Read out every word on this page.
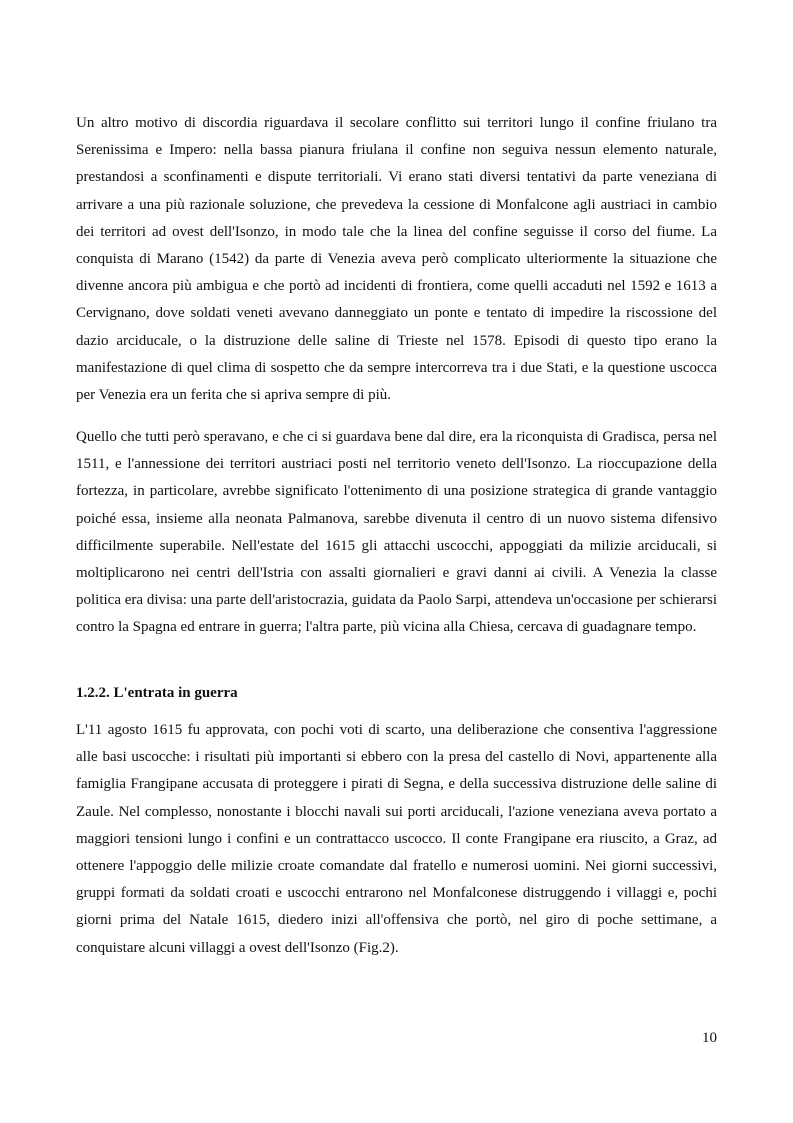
Un altro motivo di discordia riguardava il secolare conflitto sui territori lungo il confine friulano tra Serenissima e Impero: nella bassa pianura friulana il confine non seguiva nessun elemento naturale, prestandosi a sconfinamenti e dispute territoriali. Vi erano stati diversi tentativi da parte veneziana di arrivare a una più razionale soluzione, che prevedeva la cessione di Monfalcone agli austriaci in cambio dei territori ad ovest dell'Isonzo, in modo tale che la linea del confine seguisse il corso del fiume. La conquista di Marano (1542) da parte di Venezia aveva però complicato ulteriormente la situazione che divenne ancora più ambigua e che portò ad incidenti di frontiera, come quelli accaduti nel 1592 e 1613 a Cervignano, dove soldati veneti avevano danneggiato un ponte e tentato di impedire la riscossione del dazio arciducale, o la distruzione delle saline di Trieste nel 1578. Episodi di questo tipo erano la manifestazione di quel clima di sospetto che da sempre intercorreva tra i due Stati, e la questione uscocca per Venezia era un ferita che si apriva sempre di più.

Quello che tutti però speravano, e che ci si guardava bene dal dire, era la riconquista di Gradisca, persa nel 1511, e l'annessione dei territori austriaci posti nel territorio veneto dell'Isonzo. La rioccupazione della fortezza, in particolare, avrebbe significato l'ottenimento di una posizione strategica di grande vantaggio poiché essa, insieme alla neonata Palmanova, sarebbe divenuta il centro di un nuovo sistema difensivo difficilmente superabile. Nell'estate del 1615 gli attacchi uscocchi, appoggiati da milizie arciducali, si moltiplicarono nei centri dell'Istria con assalti giornalieri e gravi danni ai civili. A Venezia la classe politica era divisa: una parte dell'aristocrazia, guidata da Paolo Sarpi, attendeva un'occasione per schierarsi contro la Spagna ed entrare in guerra; l'altra parte, più vicina alla Chiesa, cercava di guadagnare tempo.

1.2.2. L'entrata in guerra

L'11 agosto 1615 fu approvata, con pochi voti di scarto, una deliberazione che consentiva l'aggressione alle basi uscocche: i risultati più importanti si ebbero con la presa del castello di Novi, appartenente alla famiglia Frangipane accusata di proteggere i pirati di Segna, e della successiva distruzione delle saline di Zaule. Nel complesso, nonostante i blocchi navali sui porti arciducali, l'azione veneziana aveva portato a maggiori tensioni lungo i confini e un contrattacco uscocco. Il conte Frangipane era riuscito, a Graz, ad ottenere l'appoggio delle milizie croate comandate dal fratello e numerosi uomini. Nei giorni successivi, gruppi formati da soldati croati e uscocchi entrarono nel Monfalconese distruggendo i villaggi e, pochi giorni prima del Natale 1615, diedero inizi all'offensiva che portò, nel giro di poche settimane, a conquistare alcuni villaggi a ovest dell'Isonzo (Fig.2).

10
